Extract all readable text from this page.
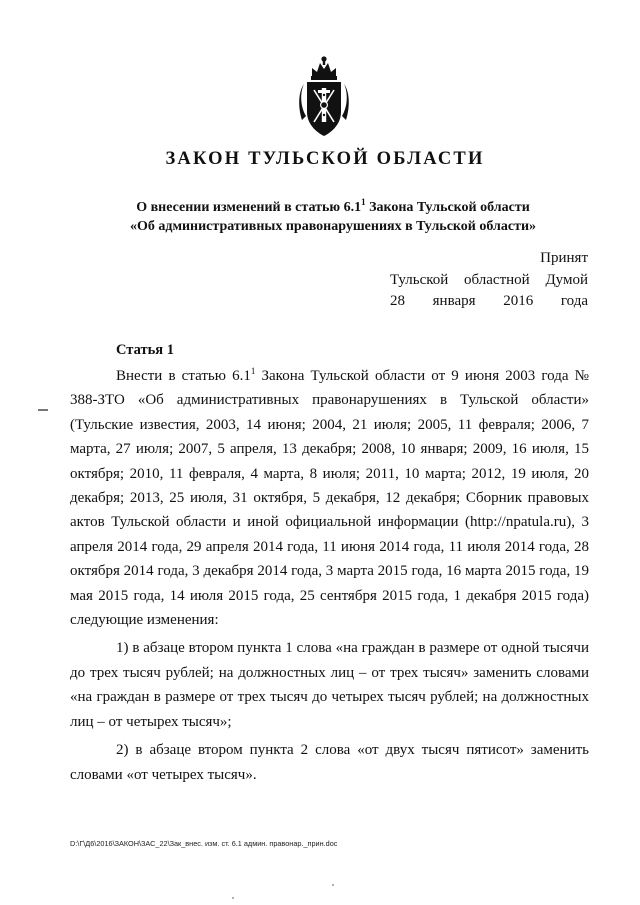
ЗАКОН ТУЛЬСКОЙ ОБЛАСТИ
О внесении изменений в статью $6.1^1$ Закона Тульской области
«Об административных правонарушениях в Тульской области»
Принят
Тульской областной Думой
28 января 2016 года
Статья 1

Внести в статью $6.1^1$ Закона Тульской области от 9 июня 2003 года № 388-ЗТО «Об административных правонарушениях в Тульской области» (Тульские известия, 2003, 14 июня; 2004, 21 июля; 2005, 11 февраля; 2006, 7 марта, 27 июля; 2007, 5 апреля, 13 декабря; 2008, 10 января; 2009, 16 июля, 15 октября; 2010, 11 февраля, 4 марта, 8 июля; 2011, 10 марта; 2012, 19 июля, 20 декабря; 2013, 25 июля, 31 октября, 5 декабря, 12 декабря; Сборник правовых актов Тульской области и иной официальной информации (http://npatula.ru), 3 апреля 2014 года, 29 апреля 2014 года, 11 июня 2014 года, 11 июля 2014 года, 28 октября 2014 года, 3 декабря 2014 года, 3 марта 2015 года, 16 марта 2015 года, 19 мая 2015 года, 14 июля 2015 года, 25 сентября 2015 года, 1 декабря 2015 года) следующие изменения:

1) в абзаце втором пункта 1 слова «на граждан в размере от одной тысячи до трех тысяч рублей; на должностных лиц – от трех тысяч» заменить словами «на граждан в размере от трех тысяч до четырех тысяч рублей; на должностных лиц – от четырех тысяч»;

2) в абзаце втором пункта 2 слова «от двух тысяч пятисот» заменить словами «от четырех тысяч».

D:\Г\Д6\2016\ЗАКОН\ЗАС_22\Зак_внес. изм. ст. 6.1 админ. правонар._прин.doc
